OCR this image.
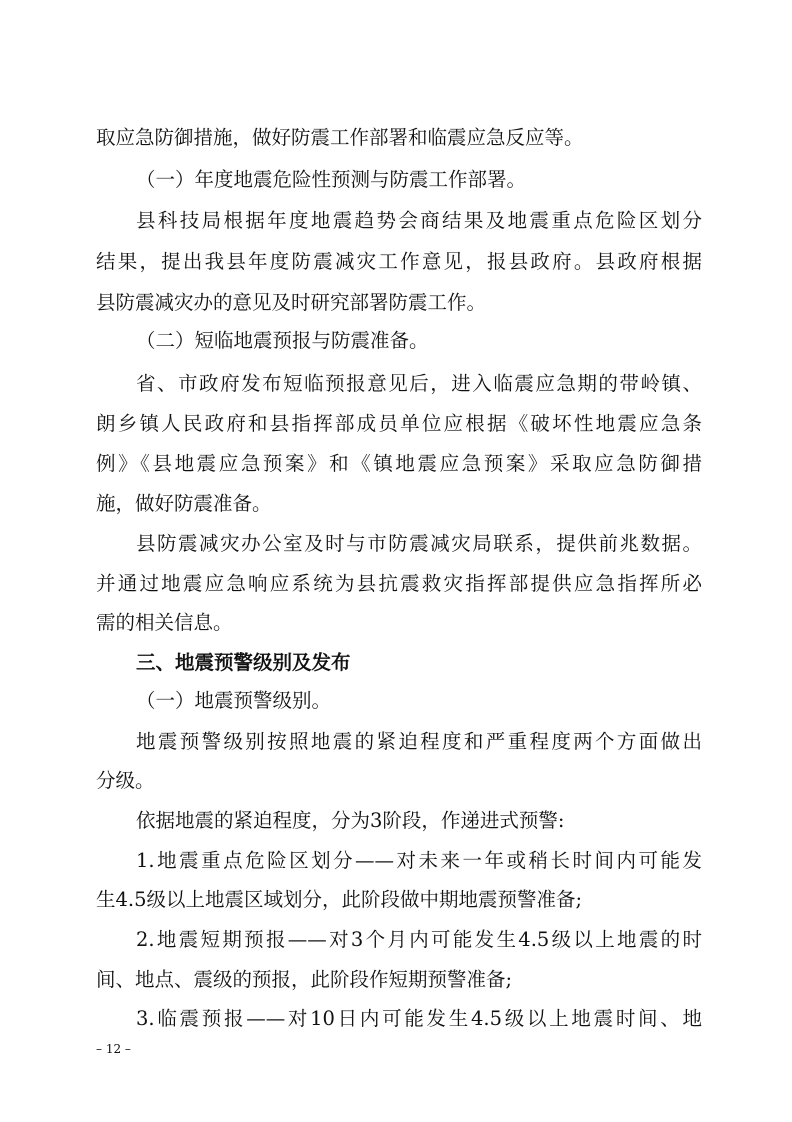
取应急防御措施，做好防震工作部署和临震应急反应等。
（一）年度地震危险性预测与防震工作部署。
县科技局根据年度地震趋势会商结果及地震重点危险区划分
结果，提出我县年度防震减灾工作意见，报县政府。县政府根据
县防震减灾办的意见及时研究部署防震工作。
（二）短临地震预报与防震准备。
省、市政府发布短临预报意见后，进入临震应急期的带岭镇、
朗乡镇人民政府和县指挥部成员单位应根据《破坏性地震应急条
例》《县地震应急预案》和《镇地震应急预案》采取应急防御措
施，做好防震准备。
县防震减灾办公室及时与市防震减灾局联系，提供前兆数据。
并通过地震应急响应系统为县抗震救灾指挥部提供应急指挥所必
需的相关信息。
三、地震预警级别及发布
（一）地震预警级别。
地震预警级别按照地震的紧迫程度和严重程度两个方面做出
分级。
依据地震的紧迫程度，分为3阶段，作递进式预警:
1.地震重点危险区划分——对未来一年或稍长时间内可能发
生4.5级以上地震区域划分，此阶段做中期地震预警准备;
2.地震短期预报——对3个月内可能发生4.5级以上地震的时
间、地点、震级的预报，此阶段作短期预警准备;
3.临震预报——对10日内可能发生4.5级以上地震时间、地
– 12 –
